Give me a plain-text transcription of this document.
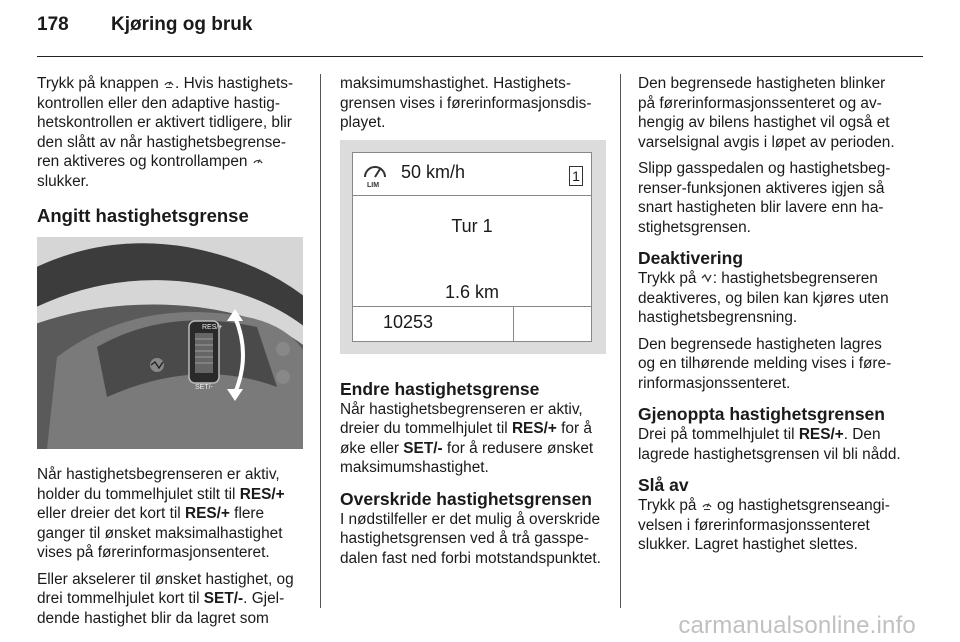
178	Kjøring og bruk

Trykk på knappen . Hvis hastighetskontrollen eller den adaptive hastighetskontrollen er aktivert tidligere, blir den slått av når hastighetsbegrenseren aktiveres og kontrollampen  slukker.

Angitt hastighetsgrense
RES/+
SET/-

Når hastighetsbegrenseren er aktiv, holder du tommelhjulet stilt til RES/+ eller dreier det kort til RES/+ flere ganger til ønsket maksimalhastighet vises på førerinformasjonsenteret.

Eller akselerer til ønsket hastighet, og drei tommelhjulet kort til SET/-. Gjeldende hastighet blir da lagret som

maksimumshastighet. Hastighetsgrensen vises i førerinformasjonsdisplayet.

LIM
50 km/h	1
Tur 1
1.6 km
10253
Endre hastighetsgrense

Når hastighetsbegrenseren er aktiv, dreier du tommelhjulet til RES/+ for å øke eller SET/- for å redusere ønsket maksimumshastighet.

Overskride hastighetsgrensen

I nødstilfeller er det mulig å overskride hastighetsgrensen ved å trå gasspedalen fast ned forbi motstandspunktet.

Den begrensede hastigheten blinker på førerinformasjonssenteret og avhengig av bilens hastighet vil også et varselsignal avgis i løpet av perioden.

Slipp gasspedalen og hastighetsbegrenser-funksjonen aktiveres igjen så snart hastigheten blir lavere enn hastighetsgrensen.

Deaktivering

Trykk på : hastighetsbegrenseren deaktiveres, og bilen kan kjøres uten hastighetsbegrensning.

Den begrensede hastigheten lagres og en tilhørende melding vises i førerinformasjonssenteret.

Gjenoppta hastighetsgrensen

Drei på tommelhjulet til RES/+. Den lagrede hastighetsgrensen vil bli nådd.

Slå av

Trykk på  og hastighetsgrenseangivelsen i førerinformasjonssenteret slukker. Lagret hastighet slettes.

carmanualsonline.info
